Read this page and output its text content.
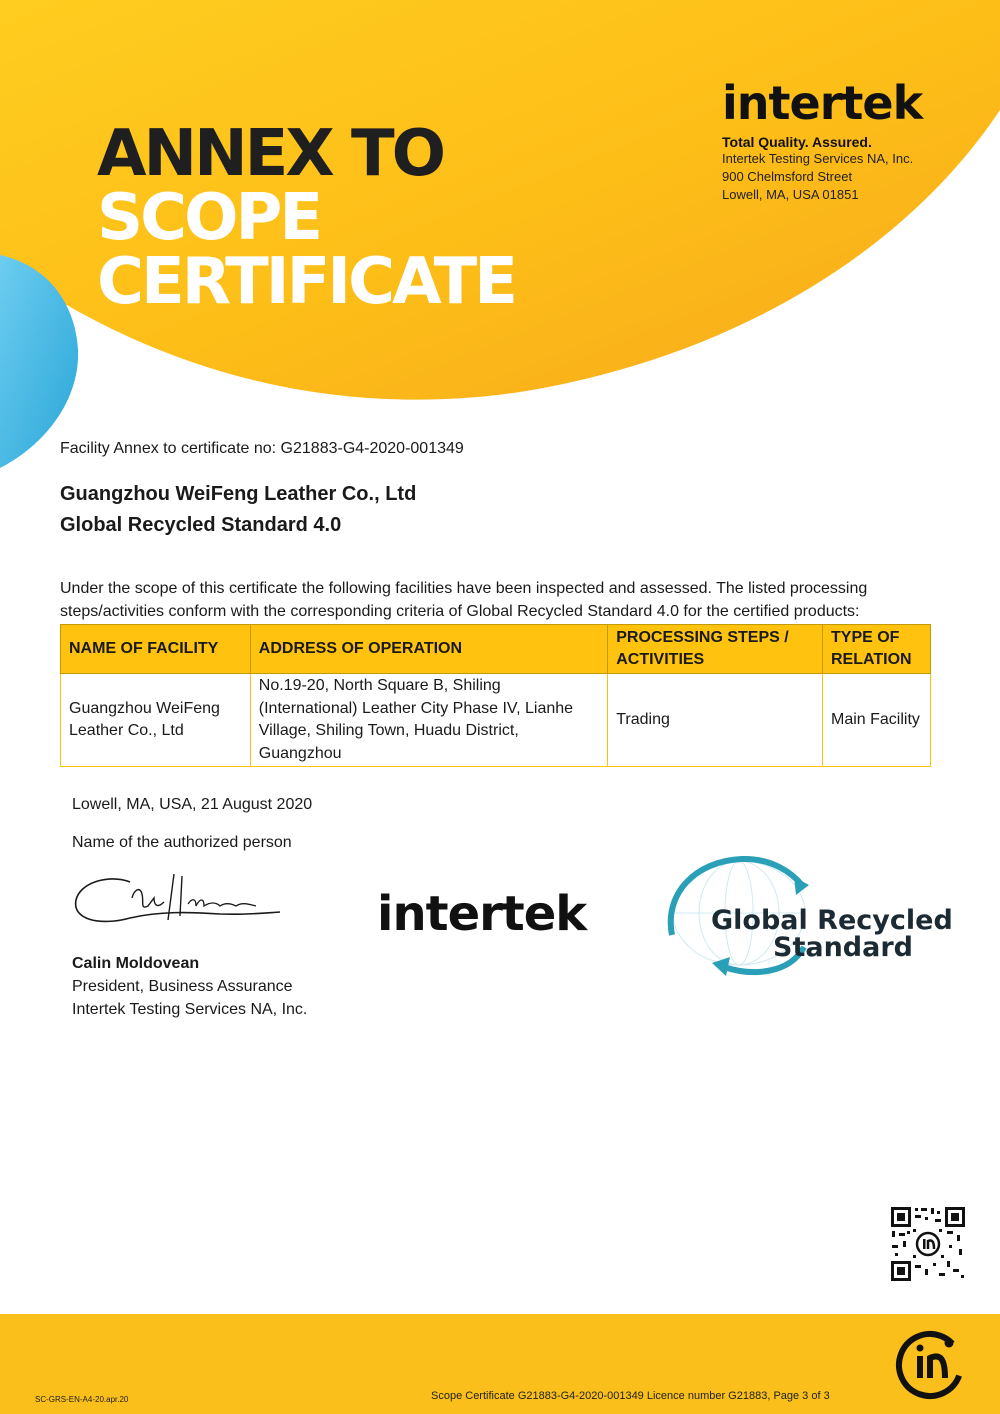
ANNEX TO
SCOPE
CERTIFICATE
intertek
Total Quality. Assured.
Intertek Testing Services NA, Inc.
900 Chelmsford Street
Lowell, MA, USA 01851
Facility Annex to certificate no: G21883-G4-2020-001349
Guangzhou WeiFeng Leather Co., Ltd
Global Recycled Standard 4.0
Under the scope of this certificate the following facilities have been inspected and assessed. The listed processing steps/activities conform with the corresponding criteria of Global Recycled Standard 4.0 for the certified products:
NAME OF FACILITY	ADDRESS OF OPERATION	PROCESSING STEPS / ACTIVITIES	TYPE OF RELATION
Guangzhou WeiFeng Leather Co., Ltd	No.19-20, North Square B, Shiling (International) Leather City Phase IV, Lianhe Village, Shiling Town, Huadu District, Guangzhou	Trading	Main Facility
Lowell, MA, USA, 21 August 2020
Name of the authorized person
Calin Moldovean
President, Business Assurance
Intertek Testing Services NA, Inc.
intertek	Global Recycled
Standard
SC-GRS-EN-A4-20.apr.20	Scope Certificate G21883-G4-2020-001349 Licence number G21883, Page 3 of 3
